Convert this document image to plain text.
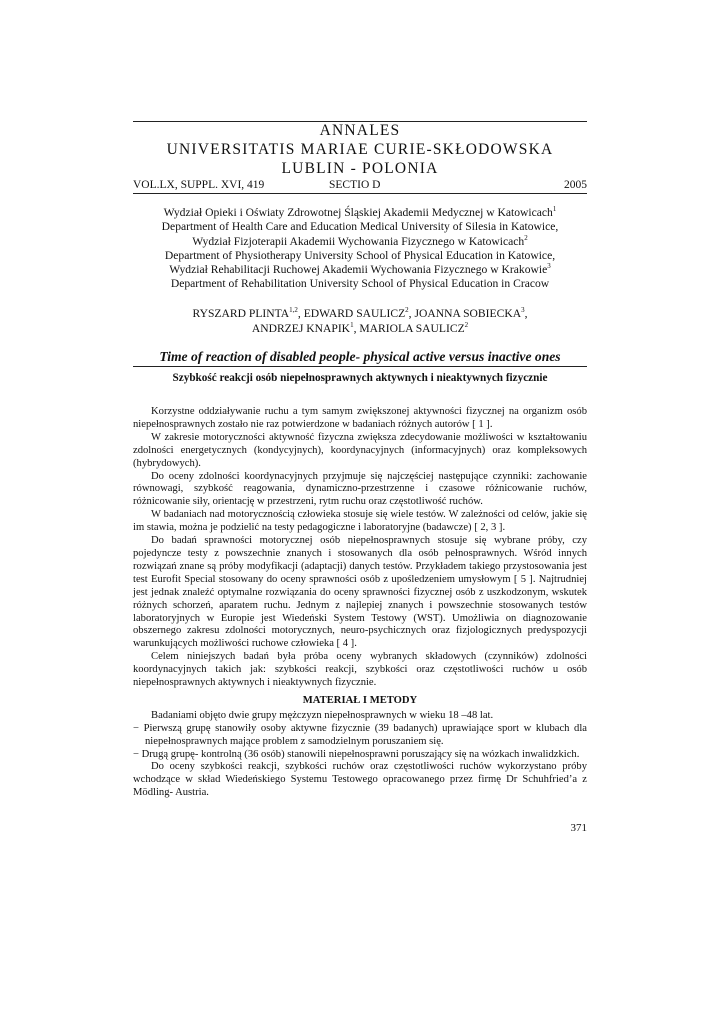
ANNALES
UNIVERSITATIS MARIAE CURIE-SKŁODOWSKA
LUBLIN - POLONIA
VOL.LX, SUPPL. XVI, 419	SECTIO D	2005
Wydział Opieki i Oświaty Zdrowotnej Śląskiej Akademii Medycznej w Katowicach$^1$
Department of Health Care and Education Medical University of Silesia in Katowice,
Wydział Fizjoterapii Akademii Wychowania Fizycznego w Katowicach$^2$
Department of Physiotherapy University School of Physical Education in Katowice,
Wydział Rehabilitacji Ruchowej Akademii Wychowania Fizycznego w Krakowie$^3$
Department of Rehabilitation University School of Physical Education in Cracow
RYSZARD PLINTA$^{1,2}$, EDWARD SAULICZ$^2$, JOANNA SOBIECKA$^3$,
ANDRZEJ KNAPIK$^1$, MARIOLA SAULICZ$^2$
Time of reaction of disabled people- physical active versus inactive ones
Szybkość reakcji osób niepełnosprawnych aktywnych i nieaktywnych fizycznie

Korzystne oddziaływanie ruchu a tym samym zwiększonej aktywności fizycznej na organizm osób niepełnosprawnych zostało nie raz potwierdzone w badaniach różnych autorów [ 1 ].

W zakresie motoryczności aktywność fizyczna zwiększa zdecydowanie możliwości w kształtowaniu zdolności energetycznych (kondycyjnych), koordynacyjnych (informacyjnych) oraz kompleksowych (hybrydowych).

Do oceny zdolności koordynacyjnych przyjmuje się najczęściej następujące czynniki: zachowanie równowagi, szybkość reagowania, dynamiczno-przestrzenne i czasowe różnicowanie ruchów, różnicowanie siły, orientację w przestrzeni, rytm ruchu oraz częstotliwość ruchów.

W badaniach nad motorycznością człowieka stosuje się wiele testów. W zależności od celów, jakie się im stawia, można je podzielić na testy pedagogiczne i laboratoryjne (badawcze) [ 2, 3 ].

Do badań sprawności motorycznej osób niepełnosprawnych stosuje się wybrane próby, czy pojedyncze testy z powszechnie znanych i stosowanych dla osób pełnosprawnych. Wśród innych rozwiązań znane są próby modyfikacji (adaptacji) danych testów. Przykładem takiego przystosowania jest test Eurofit Special stosowany do oceny sprawności osób z upośledzeniem umysłowym [ 5 ]. Najtrudniej jest jednak znaleźć optymalne rozwiązania do oceny sprawności fizycznej osób z uszkodzonym, wskutek różnych schorzeń, aparatem ruchu. Jednym z najlepiej znanych i powszechnie stosowanych testów laboratoryjnych w Europie jest Wiedeński System Testowy (WST). Umożliwia on diagnozowanie obszernego zakresu zdolności motorycznych, neuro-psychicznych oraz fizjologicznych predyspozycji warunkujących możliwości ruchowe człowieka [ 4 ].

Celem niniejszych badań była próba oceny wybranych składowych (czynników) zdolności koordynacyjnych takich jak: szybkości reakcji, szybkości oraz częstotliwości ruchów u osób niepełnosprawnych aktywnych i nieaktywnych fizycznie.

MATERIAŁ I METODY

Badaniami objęto dwie grupy mężczyzn niepełnosprawnych w wieku 18 –48 lat.

− Pierwszą grupę stanowiły osoby aktywne fizycznie (39 badanych) uprawiające sport w klubach dla niepełnosprawnych mające problem z samodzielnym poruszaniem się.

− Drugą grupę- kontrolną (36 osób) stanowili niepełnosprawni poruszający się na wózkach inwalidzkich.

Do oceny szybkości reakcji, szybkości ruchów oraz częstotliwości ruchów wykorzystano próby wchodzące w skład Wiedeńskiego Systemu Testowego opracowanego przez firmę Dr Schuhfried’a z Mödling- Austria.

371
